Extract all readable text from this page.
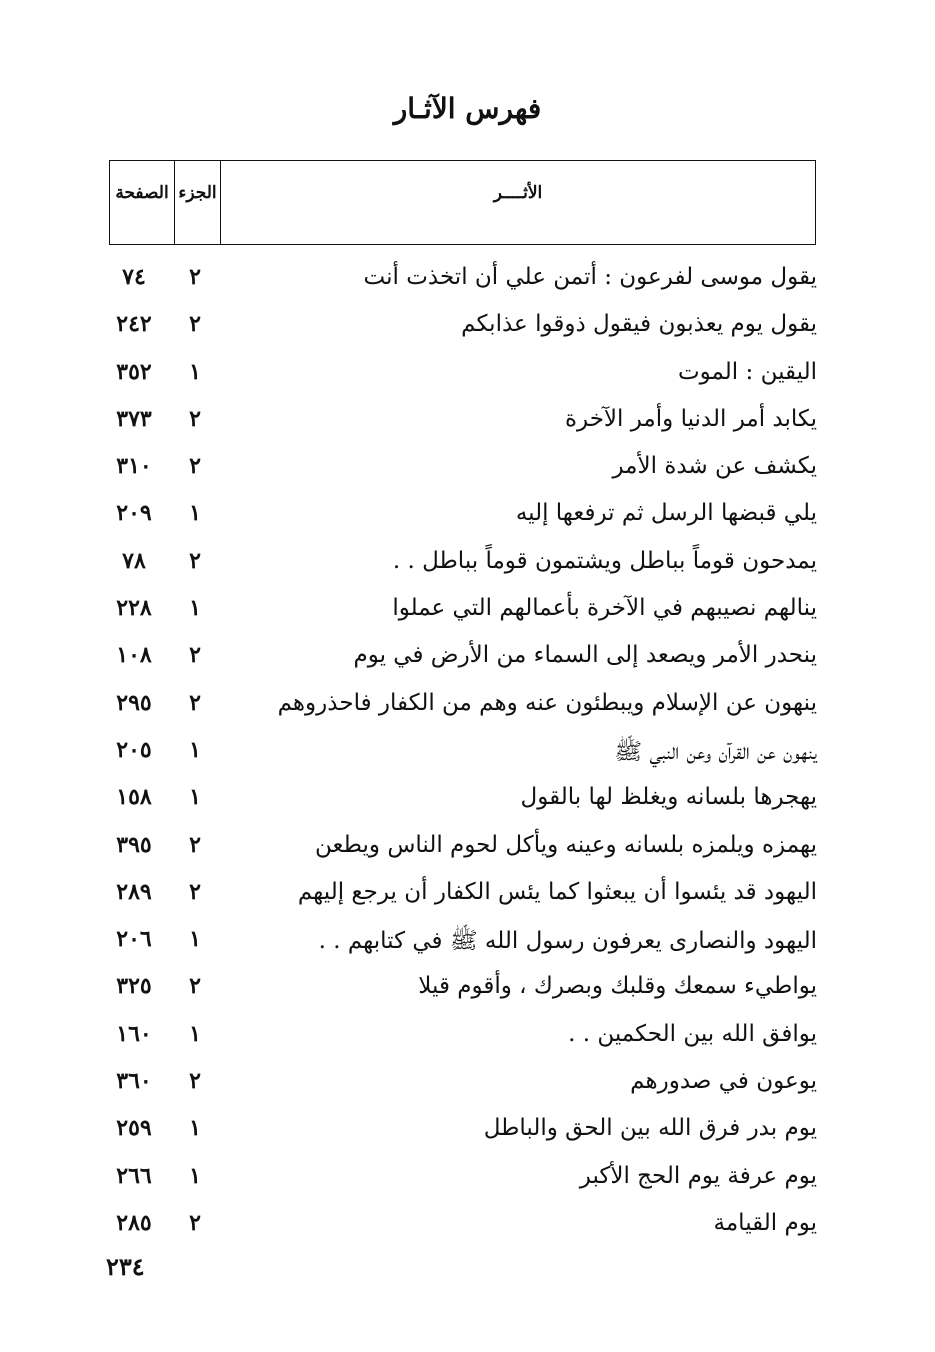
فهرس الآثـار
الأثــــر
الجزء
الصفحة
يقول موسى لفرعون : أتمن علي أن اتخذت أنت
٢
٧٤
يقول يوم يعذبون فيقول ذوقوا عذابكم
٢
٢٤٢
اليقين : الموت
١
٣٥٢
يكابد أمر الدنيا وأمر الآخرة
٢
٣٧٣
يكشف عن شدة الأمر
٢
٣١٠
يلي قبضها الرسل ثم ترفعها إليه
١
٢٠٩
يمدحون قوماً بباطل ويشتمون قوماً بباطل . .
٢
٧٨
ينالهم نصيبهم في الآخرة بأعمالهم التي عملوا
١
٢٢٨
ينحدر الأمر ويصعد إلى السماء من الأرض في يوم
٢
١٠٨
ينهون عن الإسلام ويبطئون عنه وهم من الكفار فاحذروهم
٢
٢٩٥
ينهون عن القرآن وعن النبي ﷺ
١
٢٠٥
يهجرها بلسانه ويغلظ لها بالقول
١
١٥٨
يهمزه ويلمزه بلسانه وعينه ويأكل لحوم الناس ويطعن
٢
٣٩٥
اليهود قد يئسوا أن يبعثوا كما يئس الكفار أن يرجع إليهم
٢
٢٨٩
اليهود والنصارى يعرفون رسول الله ﷺ في كتابهم . .
١
٢٠٦
يواطيء سمعك وقلبك وبصرك ، وأقوم قيلا
٢
٣٢٥
يوافق الله بين الحكمين . .
١
١٦٠
يوعون في صدورهم
٢
٣٦٠
يوم بدر فرق الله بين الحق والباطل
١
٢٥٩
يوم عرفة يوم الحج الأكبر
١
٢٦٦
يوم القيامة
٢
٢٨٥
٢٣٤
